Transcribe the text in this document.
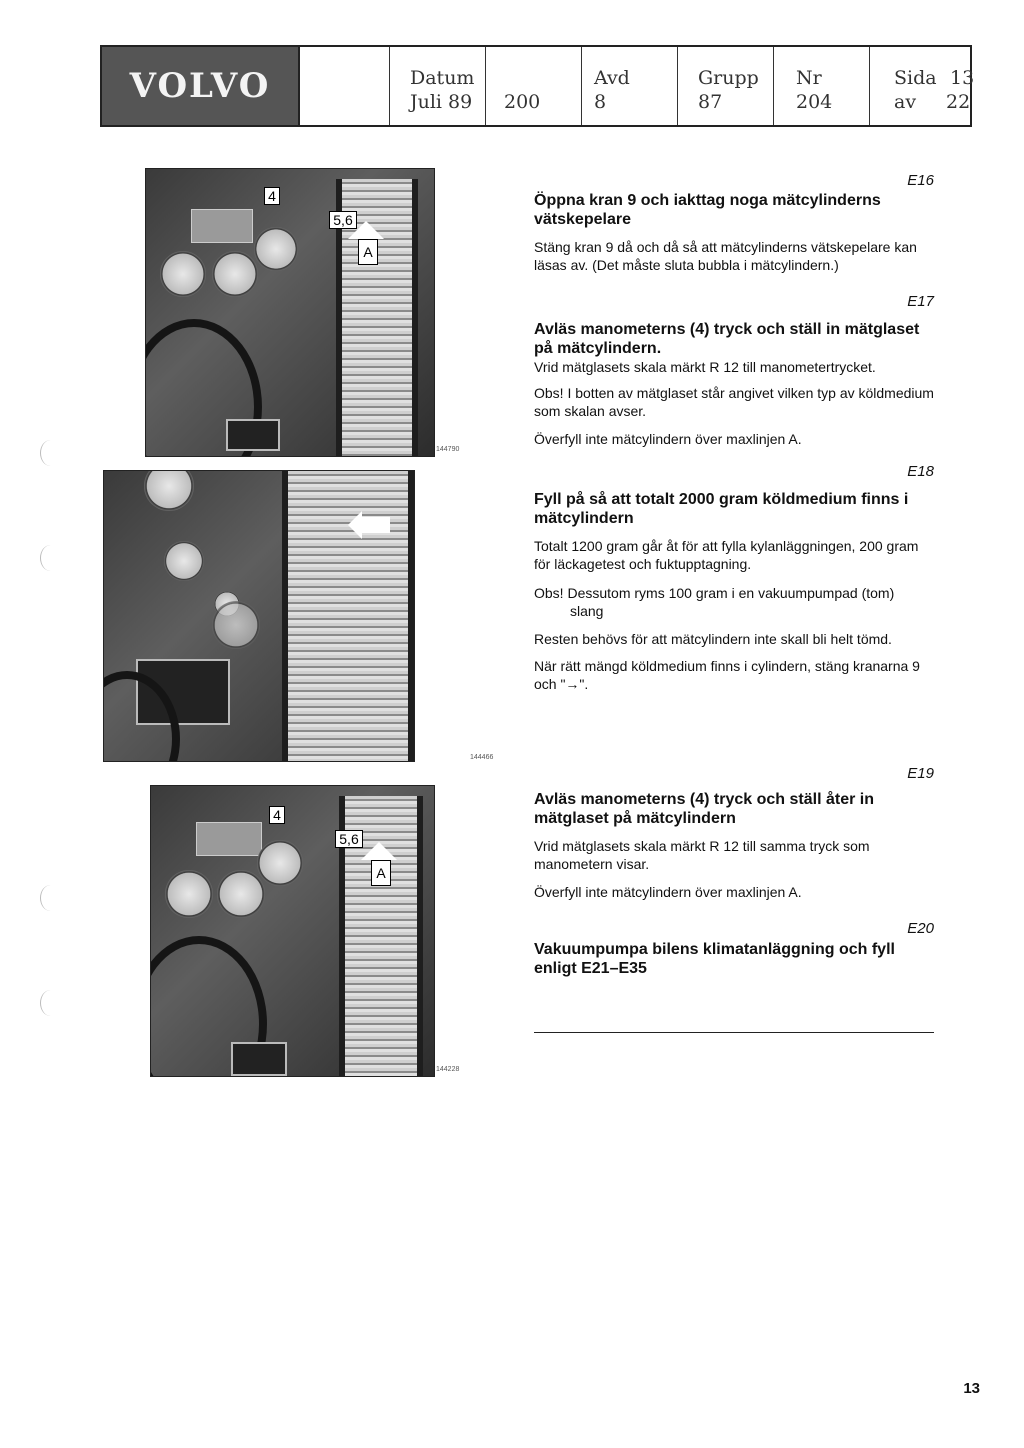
VOLVO	Datum
Juli 89 200
Avd
8
Grupp
87
Nr
204
Sida 13
av 22
4
5,6
A
144790
144466
4
5,6
A
144228
E16
Öppna kran 9 och iakttag noga mätcylinderns vätskepelare
Stäng kran 9 då och då så att mätcylinderns vätskepelare kan läsas av. (Det måste sluta bubbla i mätcylindern.)
E17
Avläs manometerns (4) tryck och ställ in mätglaset på mätcylindern.
Vrid mätglasets skala märkt R 12 till manometertrycket.
Obs! I botten av mätglaset står angivet vilken typ av köldmedium som skalan avser.
Överfyll inte mätcylindern över maxlinjen A.
E18
Fyll på så att totalt 2000 gram köldmedium finns i mätcylindern
Totalt 1200 gram går åt för att fylla kylanläggningen, 200 gram för läckagetest och fuktupptagning.
Obs! Dessutom ryms 100 gram i en vakuumpumpad (tom)
slang
Resten behövs för att mätcylindern inte skall bli helt tömd.
När rätt mängd köldmedium finns i cylindern, stäng kranarna 9 och "→".
E19
Avläs manometerns (4) tryck och ställ åter in mätglaset på mätcylindern
Vrid mätglasets skala märkt R 12 till samma tryck som manometern visar.
Överfyll inte mätcylindern över maxlinjen A.
E20
Vakuumpumpa bilens klimatanläggning och fyll enligt E21–E35
13
